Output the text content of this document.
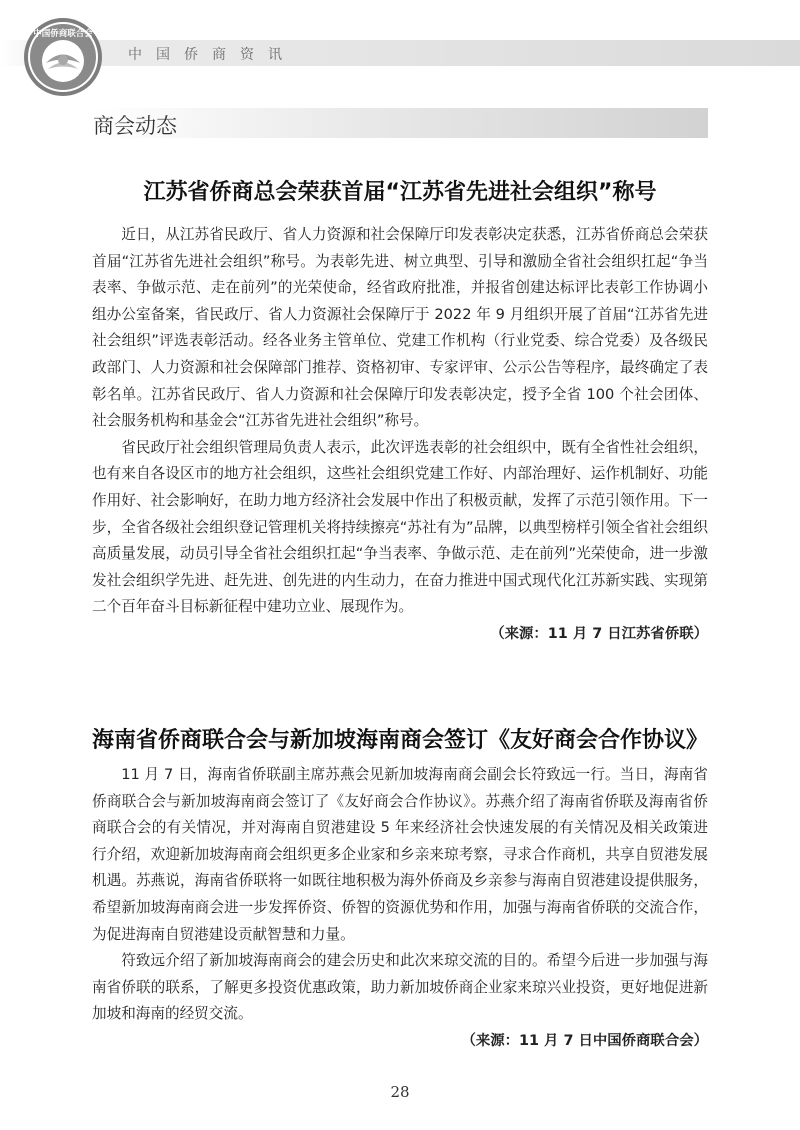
中国侨商联合会
中国侨商资讯
商会动态
江苏省侨商总会荣获首届“江苏省先进社会组织”称号

近日，从江苏省民政厅、省人力资源和社会保障厅印发表彰决定获悉，江苏省侨商总会荣获首届“江苏省先进社会组织”称号。为表彰先进、树立典型、引导和激励全省社会组织扛起“争当表率、争做示范、走在前列”的光荣使命，经省政府批准，并报省创建达标评比表彰工作协调小组办公室备案，省民政厅、省人力资源社会保障厅于 2022 年 9 月组织开展了首届“江苏省先进社会组织”评选表彰活动。经各业务主管单位、党建工作机构（行业党委、综合党委）及各级民政部门、人力资源和社会保障部门推荐、资格初审、专家评审、公示公告等程序，最终确定了表彰名单。江苏省民政厅、省人力资源和社会保障厅印发表彰决定，授予全省 100 个社会团体、社会服务机构和基金会“江苏省先进社会组织”称号。

省民政厅社会组织管理局负责人表示，此次评选表彰的社会组织中，既有全省性社会组织，也有来自各设区市的地方社会组织，这些社会组织党建工作好、内部治理好、运作机制好、功能作用好、社会影响好，在助力地方经济社会发展中作出了积极贡献，发挥了示范引领作用。下一步，全省各级社会组织登记管理机关将持续擦亮“苏社有为”品牌，以典型榜样引领全省社会组织高质量发展，动员引导全省社会组织扛起“争当表率、争做示范、走在前列”光荣使命，进一步激发社会组织学先进、赶先进、创先进的内生动力，在奋力推进中国式现代化江苏新实践、实现第二个百年奋斗目标新征程中建功立业、展现作为。

（来源：11 月 7 日江苏省侨联）
海南省侨商联合会与新加坡海南商会签订《友好商会合作协议》

11 月 7 日，海南省侨联副主席苏燕会见新加坡海南商会副会长符致远一行。当日，海南省侨商联合会与新加坡海南商会签订了《友好商会合作协议》。苏燕介绍了海南省侨联及海南省侨商联合会的有关情况，并对海南自贸港建设 5 年来经济社会快速发展的有关情况及相关政策进行介绍，欢迎新加坡海南商会组织更多企业家和乡亲来琼考察，寻求合作商机，共享自贸港发展机遇。苏燕说，海南省侨联将一如既往地积极为海外侨商及乡亲参与海南自贸港建设提供服务，希望新加坡海南商会进一步发挥侨资、侨智的资源优势和作用，加强与海南省侨联的交流合作，为促进海南自贸港建设贡献智慧和力量。

符致远介绍了新加坡海南商会的建会历史和此次来琼交流的目的。希望今后进一步加强与海南省侨联的联系，了解更多投资优惠政策，助力新加坡侨商企业家来琼兴业投资，更好地促进新加坡和海南的经贸交流。

（来源：11 月 7 日中国侨商联合会）
28
